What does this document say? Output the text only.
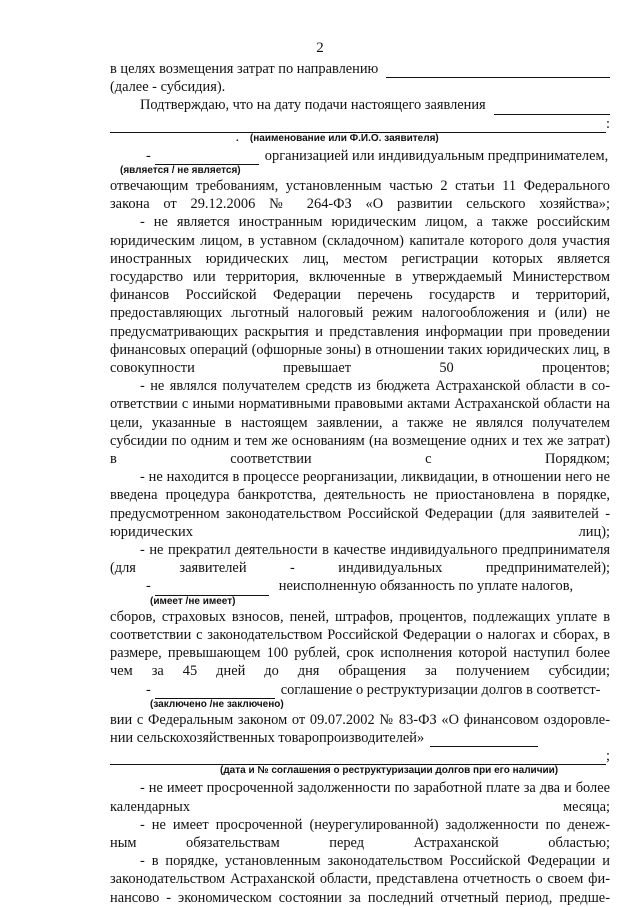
2
в целях возмещения затрат по направлению

(далее - субсидия).

Подтверждаю, что на дату подачи настоящего заявления
:
. (наименование или Ф.И.О. заявителя)
-	организацией или индивидуальным предпринимателем,
(является / не является)

отвечающим требованиям, установленным частью 2 статьи 11 Федерального закона от 29.12.2006 № 264-ФЗ «О развитии сельского хозяйства»;

- не является иностранным юридическим лицом, а также российским юридическим лицом, в уставном (складочном) капитале которого доля участия иностранных юридических лиц, местом регистрации которых является государство или территория, включенные в утверждаемый Министерством финансов Российской Федерации перечень государств и территорий, предоставляющих льготный налоговый режим налогообложения и (или) не предусматривающих раскрытия и представления информации при проведении финансовых операций (офшорные зоны) в отношении таких юридических лиц, в совокупности превышает 50 процентов;

- не являлся получателем средств из бюджета Астраханской области в со- ответствии с иными нормативными правовыми актами Астраханской области на цели, указанные в настоящем заявлении, а также не являлся получателем субсидии по одним и тем же основаниям (на возмещение одних и тех же затрат) в соответствии с Порядком;

- не находится в процессе реорганизации, ликвидации, в отношении него не введена процедура банкротства, деятельность не приостановлена в порядке, предусмотренном законодательством Российской Федерации (для заявителей - юридических лиц);

- не прекратил деятельности в качестве индивидуального предпринимателя (для заявителей - индивидуальных предпринимателей);

-	неисполненную обязанность по уплате налогов,
(имеет /не имеет)

сборов, страховых взносов, пеней, штрафов, процентов, подлежащих уплате в соответствии с законодательством Российской Федерации о налогах и сборах, в размере, превышающем 100 рублей, срок исполнения которой наступил более чем за 45 дней до дня обращения за получением субсидии;

-	соглашение о реструктуризации долгов в соответст-
(заключено /не заключено)

вии с Федеральным законом от 09.07.2002 № 83-ФЗ «О финансовом оздоровле-

нии сельскохозяйственных товаропроизводителей»
;
(дата и № соглашения о реструктуризации долгов при его наличии)

- не имеет просроченной задолженности по заработной плате за два и более календарных месяца;

- не имеет просроченной (неурегулированной) задолженности по денеж- ным обязательствам перед Астраханской областью;

- в порядке, установленным законодательством Российской Федерации и законодательством Астраханской области, представлена отчетность о своем фи- нансово - экономическом состоянии за последний отчетный период, предше-
